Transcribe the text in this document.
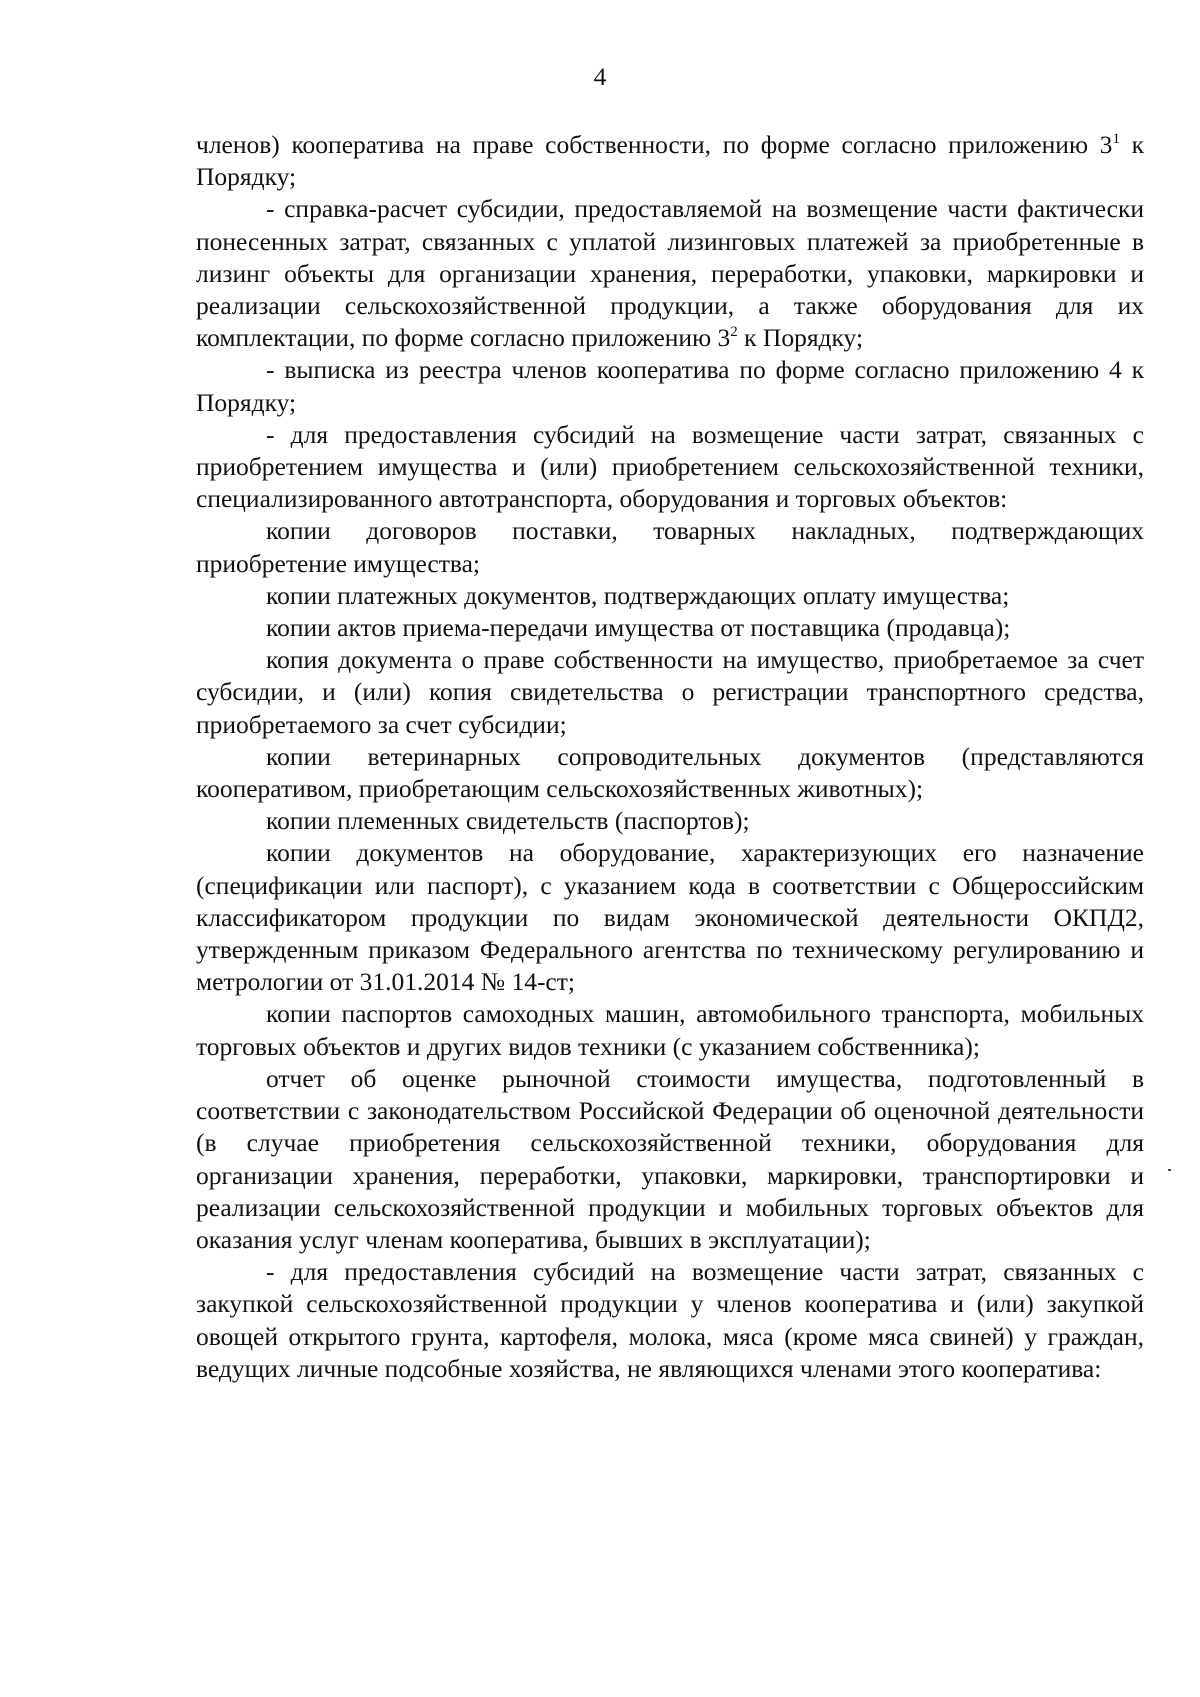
4

членов) кооператива на праве собственности, по форме согласно приложению $3^1$ к Порядку;

- справка-расчет субсидии, предоставляемой на возмещение части фактически понесенных затрат, связанных с уплатой лизинговых платежей за приобретенные в лизинг объекты для организации хранения, переработки, упаковки, маркировки и реализации сельскохозяйственной продукции, а также оборудования для их комплектации, по форме согласно приложению $3^2$ к Порядку;

- выписка из реестра членов кооператива по форме согласно приложению 4 к Порядку;

- для предоставления субсидий на возмещение части затрат, связанных с приобретением имущества и (или) приобретением сельскохозяйственной техники, специализированного автотранспорта, оборудования и торговых объектов:

копии договоров поставки, товарных накладных, подтверждающих приобретение имущества;

копии платежных документов, подтверждающих оплату имущества;

копии актов приема-передачи имущества от поставщика (продавца);

копия документа о праве собственности на имущество, приобретаемое за счет субсидии, и (или) копия свидетельства о регистрации транспортного средства, приобретаемого за счет субсидии;

копии ветеринарных сопроводительных документов (представляются кооперативом, приобретающим сельскохозяйственных животных);

копии племенных свидетельств (паспортов);

копии документов на оборудование, характеризующих его назначение (спецификации или паспорт), с указанием кода в соответствии с Общероссийским классификатором продукции по видам экономической деятельности ОКПД2, утвержденным приказом Федерального агентства по техническому регулированию и метрологии от 31.01.2014 № 14-ст;

копии паспортов самоходных машин, автомобильного транспорта, мобильных торговых объектов и других видов техники (с указанием собственника);

отчет об оценке рыночной стоимости имущества, подготовленный в соответствии с законодательством Российской Федерации об оценочной деятельности (в случае приобретения сельскохозяйственной техники, оборудования для организации хранения, переработки, упаковки, маркировки, транспортировки и реализации сельскохозяйственной продукции и мобильных торговых объектов для оказания услуг членам кооператива, бывших в эксплуатации);

- для предоставления субсидий на возмещение части затрат, связанных с закупкой сельскохозяйственной продукции у членов кооператива и (или) закупкой овощей открытого грунта, картофеля, молока, мяса (кроме мяса свиней) у граждан, ведущих личные подсобные хозяйства, не являющихся членами этого кооператива:
